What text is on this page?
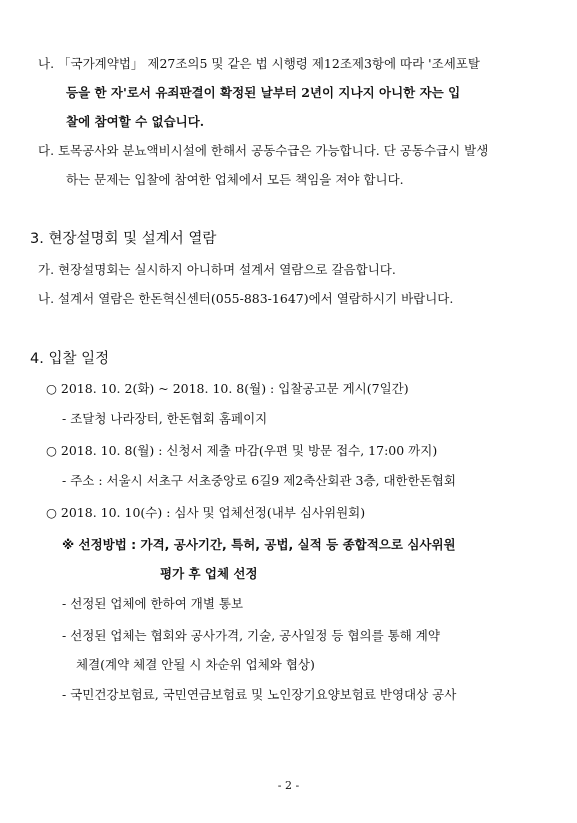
나. 「국가계약법」 제27조의5 및 같은 법 시행령 제12조제3항에 따라 '조세포탈
등을 한 자'로서 유죄판결이 확정된 날부터 2년이 지나지 아니한 자는 입
찰에 참여할 수 없습니다.
다. 토목공사와 분뇨액비시설에 한해서 공동수급은 가능합니다. 단 공동수급시 발생
하는 문제는 입찰에 참여한 업체에서 모든 책임을 져야 합니다.
3. 현장설명회 및 설계서 열람
가. 현장설명회는 실시하지 아니하며 설계서 열람으로 갈음합니다.
나. 설계서 열람은 한돈혁신센터(055-883-1647)에서 열람하시기 바랍니다.
4. 입찰 일정
○ 2018. 10. 2(화) ~ 2018. 10. 8(월) : 입찰공고문 게시(7일간)
- 조달청 나라장터, 한돈협회 홈페이지
○ 2018. 10. 8(월) : 신청서 제출 마감(우편 및 방문 접수, 17:00 까지)
- 주소 : 서울시 서초구 서초중앙로 6길9 제2축산회관 3층, 대한한돈협회
○ 2018. 10. 10(수) : 심사 및 업체선정(내부 심사위원회)
※ 선정방법 : 가격, 공사기간, 특허, 공법, 실적 등 종합적으로 심사위원
평가 후 업체 선정
- 선정된 업체에 한하여 개별 통보
- 선정된 업체는 협회와 공사가격, 기술, 공사일정 등 협의를 통해 계약
체결(계약 체결 안될 시 차순위 업체와 협상)
- 국민건강보험료, 국민연금보험료 및 노인장기요양보험료 반영대상 공사
- 2 -
